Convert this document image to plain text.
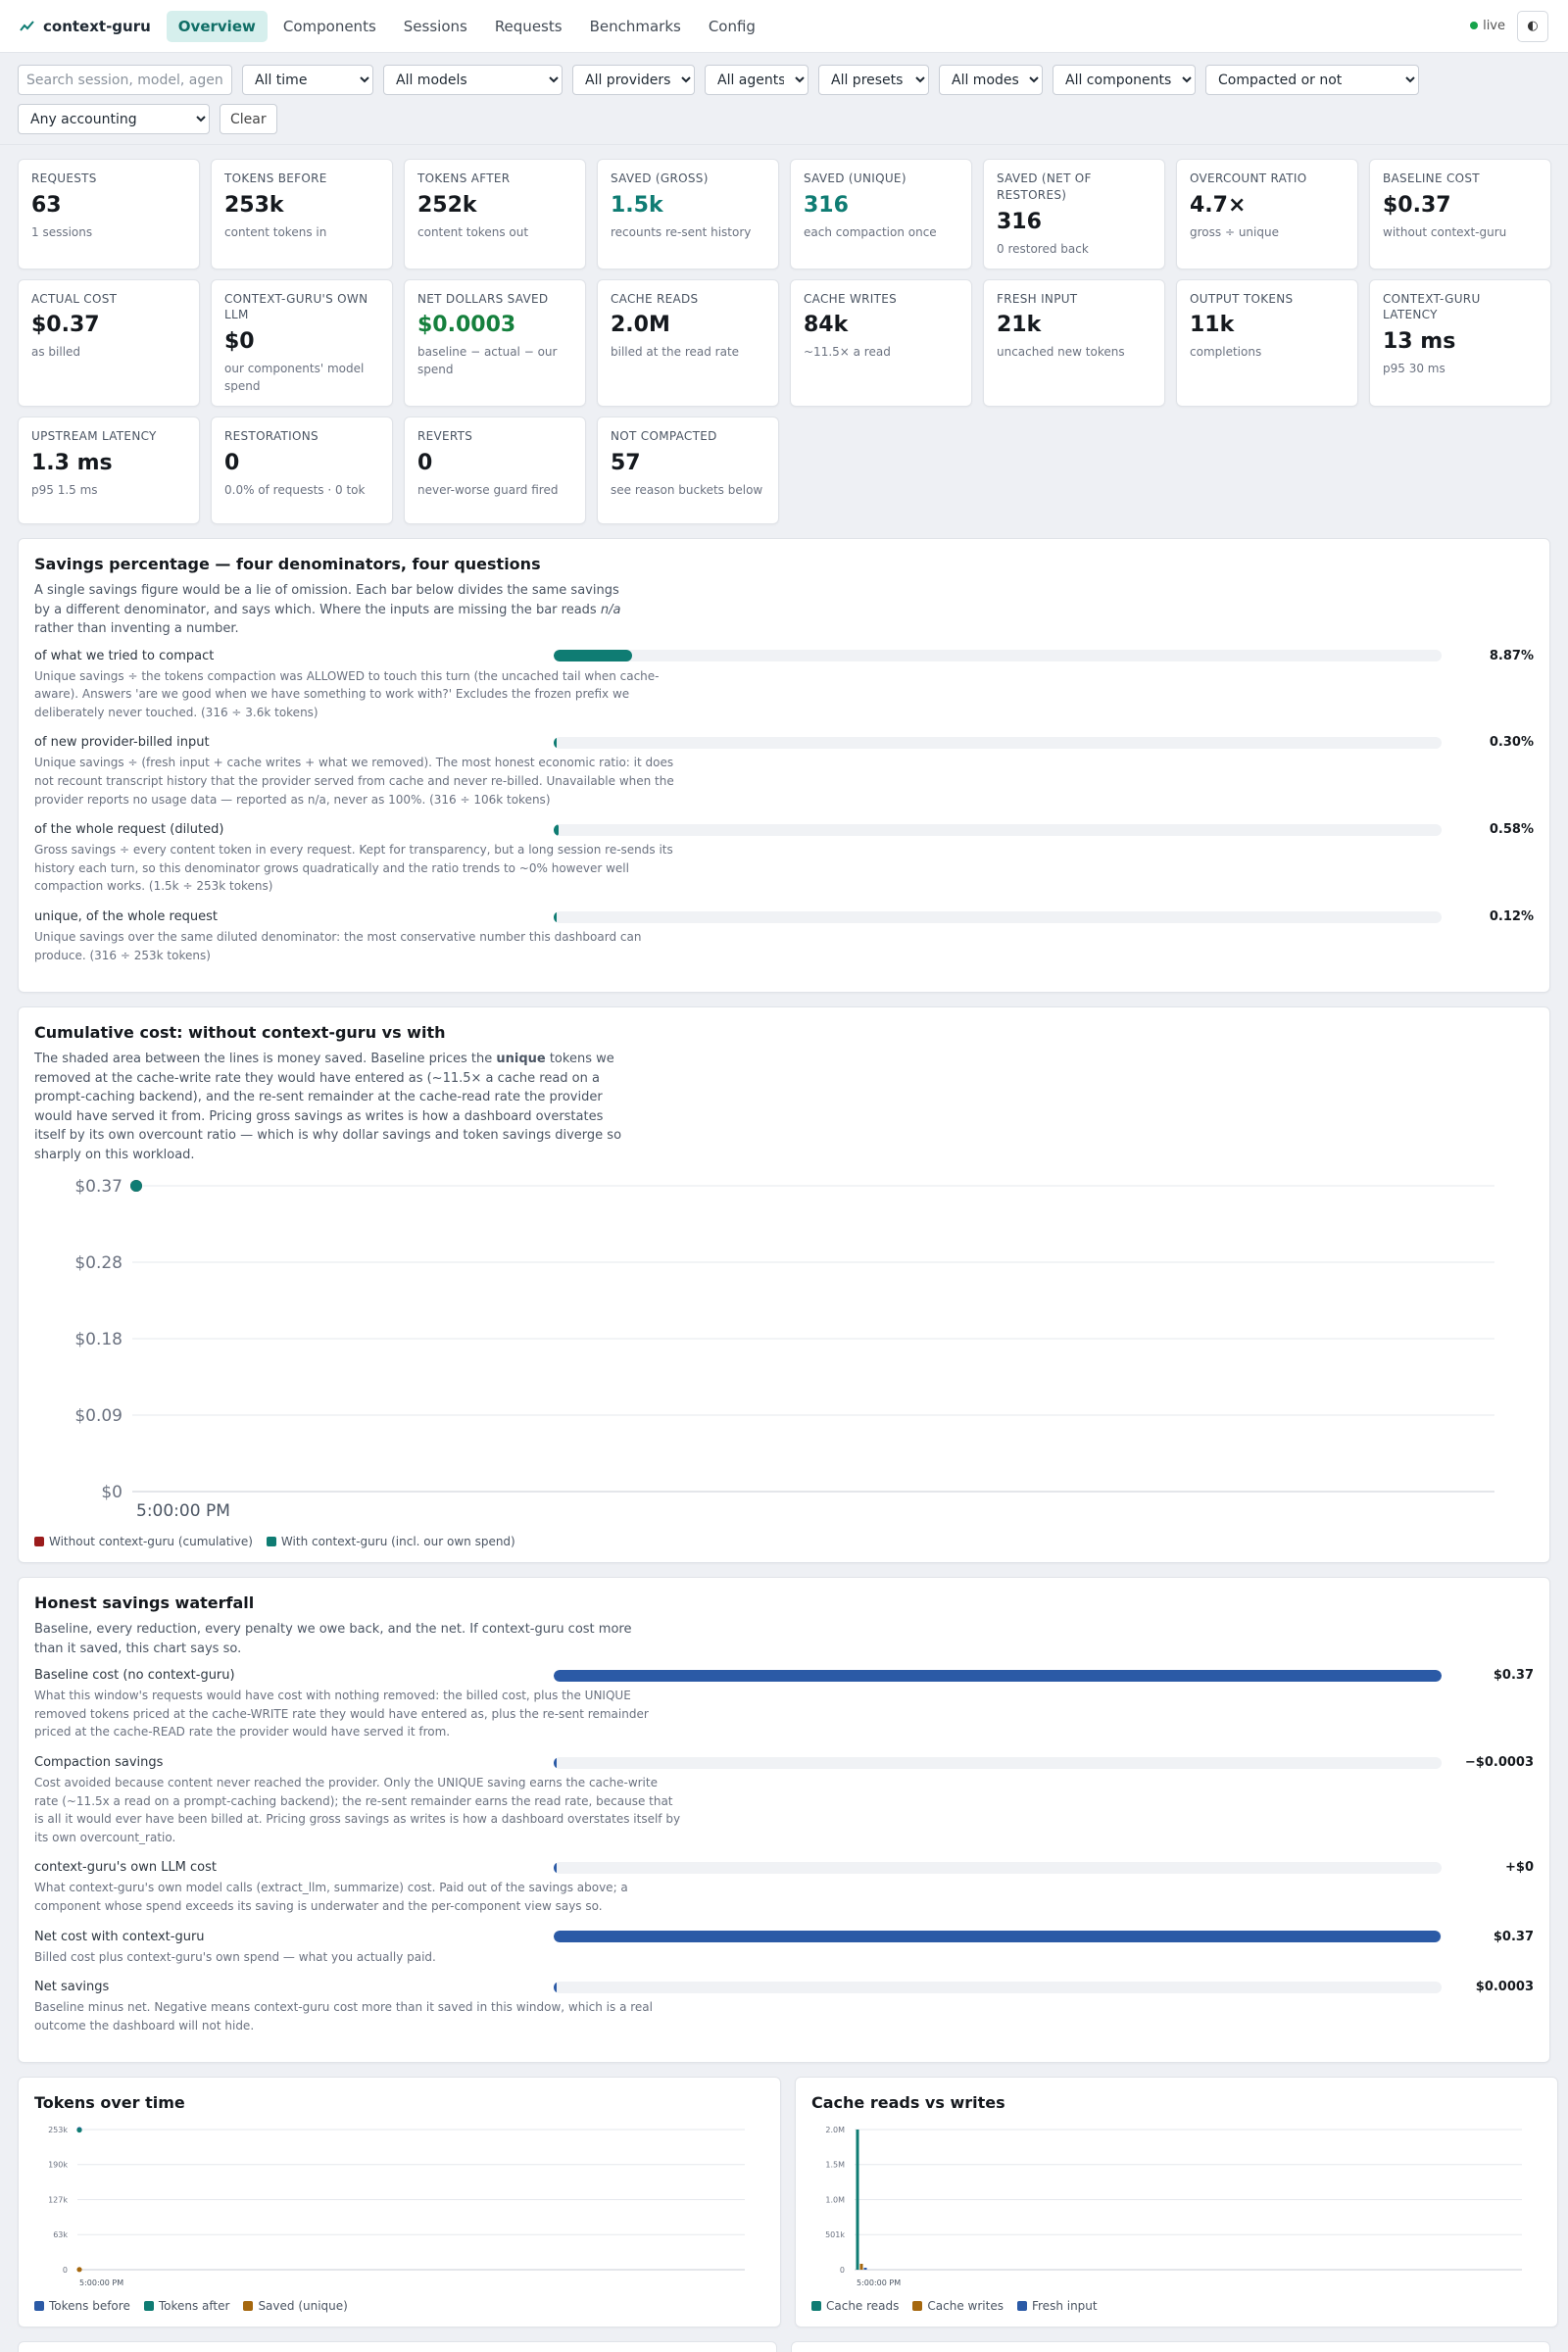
context-guru	Overview	Components	Sessions	Requests	Benchmarks	Config	live ◐
Search session, model, agent
All time
All models
All providers
All agents
All presets
All modes
All components
Compacted or not
Any accounting
Clear
REQUESTS
63
1 sessions
TOKENS BEFORE
253k
content tokens in
TOKENS AFTER
252k
content tokens out
SAVED (GROSS)
1.5k
recounts re-sent history
SAVED (UNIQUE)
316
each compaction once
SAVED (NET OF RESTORES)
316
0 restored back
OVERCOUNT RATIO
4.7×
gross ÷ unique
BASELINE COST
$0.37
without context-guru
ACTUAL COST
$0.37
as billed
CONTEXT-GURU'S OWN LLM
$0
our components' model spend
NET DOLLARS SAVED
$0.0003
baseline − actual − our spend
CACHE READS
2.0M
billed at the read rate
CACHE WRITES
84k
~11.5× a read
FRESH INPUT
21k
uncached new tokens
OUTPUT TOKENS
11k
completions
CONTEXT-GURU LATENCY
13 ms
p95 30 ms
UPSTREAM LATENCY
1.3 ms
p95 1.5 ms
RESTORATIONS
0
0.0% of requests · 0 tok
REVERTS
0
never-worse guard fired
NOT COMPACTED
57
see reason buckets below
Savings percentage — four denominators, four questions

A single savings figure would be a lie of omission. Each bar below divides the same savings by a different denominator, and says which. Where the inputs are missing the bar reads n/a rather than inventing a number.

of what we tried to compact	8.87%
Unique savings ÷ the tokens compaction was ALLOWED to touch this turn (the uncached tail when cache-aware). Answers 'are we good when we have something to work with?' Excludes the frozen prefix we deliberately never touched. (316 ÷ 3.6k tokens)
of new provider-billed input	0.30%
Unique savings ÷ (fresh input + cache writes + what we removed). The most honest economic ratio: it does not recount transcript history that the provider served from cache and never re-billed. Unavailable when the provider reports no usage data — reported as n/a, never as 100%. (316 ÷ 106k tokens)
of the whole request (diluted)	0.58%
Gross savings ÷ every content token in every request. Kept for transparency, but a long session re-sends its history each turn, so this denominator grows quadratically and the ratio trends to ~0% however well compaction works. (1.5k ÷ 253k tokens)
unique, of the whole request	0.12%
Unique savings over the same diluted denominator: the most conservative number this dashboard can produce. (316 ÷ 253k tokens)
Cumulative cost: without context-guru vs with

The shaded area between the lines is money saved. Baseline prices the unique tokens we removed at the cache-write rate they would have entered as (~11.5× a cache read on a prompt-caching backend), and the re-sent remainder at the cache-read rate the provider would have served it from. Pricing gross savings as writes is how a dashboard overstates itself by its own overcount ratio — which is why dollar savings and token savings diverge so sharply on this workload.

$0
$0.09
$0.18
$0.28
$0.37
5:00:00 PM
Without context-guru (cumulative) With context-guru (incl. our own spend)
Honest savings waterfall

Baseline, every reduction, every penalty we owe back, and the net. If context-guru cost more than it saved, this chart says so.

Baseline cost (no context-guru)	$0.37
What this window's requests would have cost with nothing removed: the billed cost, plus the UNIQUE removed tokens priced at the cache-WRITE rate they would have entered as, plus the re-sent remainder priced at the cache-READ rate the provider would have served it from.
Compaction savings	−$0.0003
Cost avoided because content never reached the provider. Only the UNIQUE saving earns the cache-write rate (~11.5x a read on a prompt-caching backend); the re-sent remainder earns the read rate, because that is all it would ever have been billed at. Pricing gross savings as writes is how a dashboard overstates itself by its own overcount_ratio.
context-guru's own LLM cost	+$0
What context-guru's own model calls (extract_llm, summarize) cost. Paid out of the savings above; a component whose spend exceeds its saving is underwater and the per-component view says so.
Net cost with context-guru	$0.37
Billed cost plus context-guru's own spend — what you actually paid.
Net savings	$0.0003
Baseline minus net. Negative means context-guru cost more than it saved in this window, which is a real outcome the dashboard will not hide.
Tokens over time
0
63k
127k
190k
253k
5:00:00 PM
Tokens before Tokens after Saved (unique)
Cache reads vs writes
0
501k
1.0M
1.5M
2.0M
5:00:00 PM
Cache reads Cache writes Fresh input
